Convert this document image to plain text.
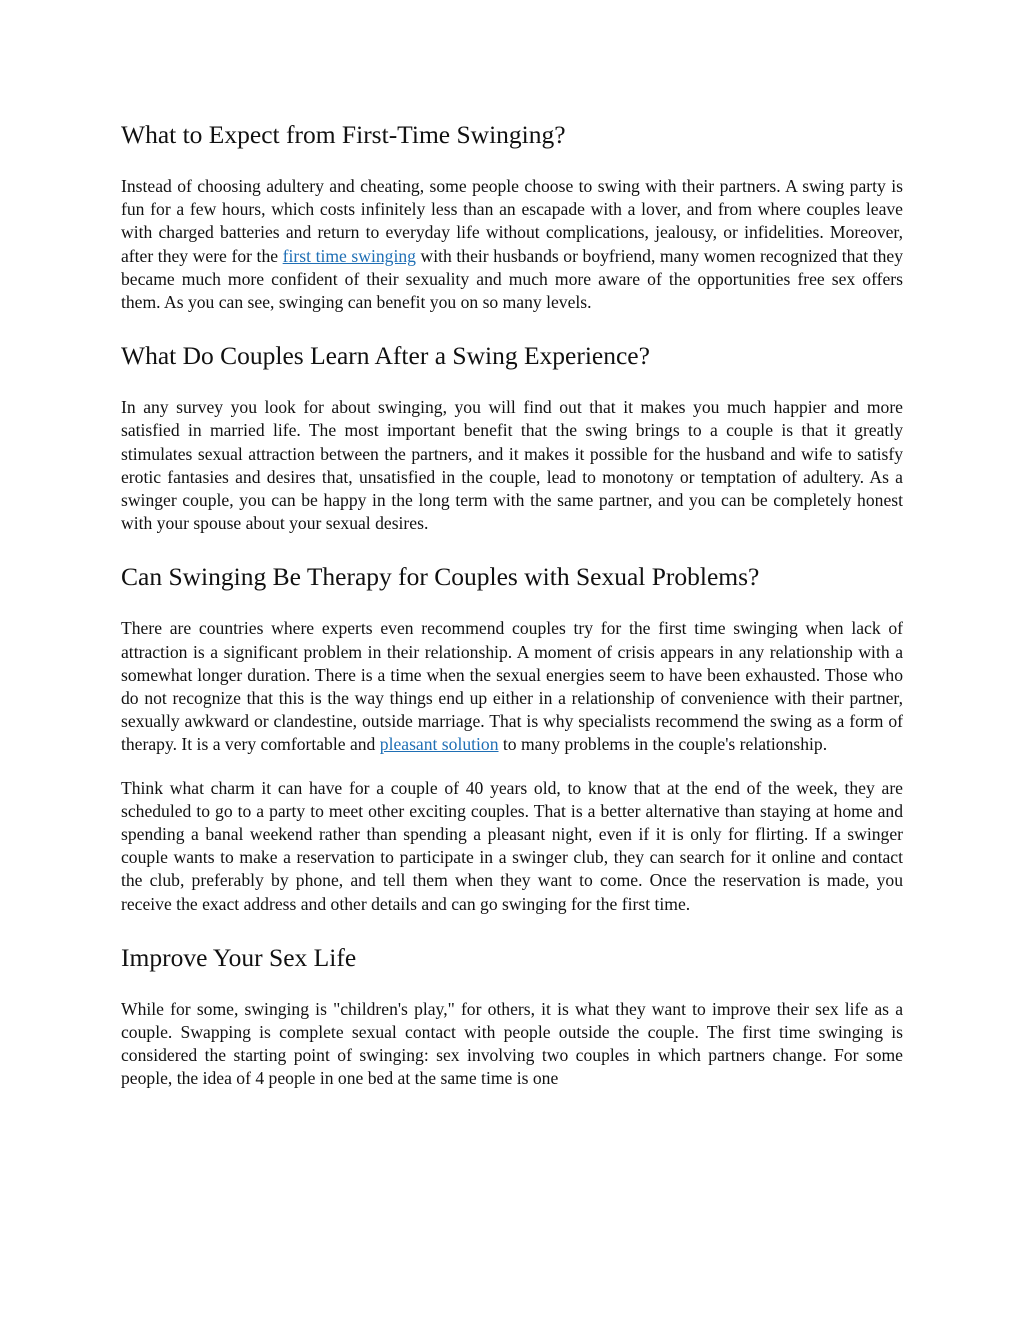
What to Expect from First-Time Swinging?

Instead of choosing adultery and cheating, some people choose to swing with their partners. A swing party is fun for a few hours, which costs infinitely less than an escapade with a lover, and from where couples leave with charged batteries and return to everyday life without complications, jealousy, or infidelities. Moreover, after they were for the first time swinging with their husbands or boyfriend, many women recognized that they became much more confident of their sexuality and much more aware of the opportunities free sex offers them. As you can see, swinging can benefit you on so many levels.

What Do Couples Learn After a Swing Experience?

In any survey you look for about swinging, you will find out that it makes you much happier and more satisfied in married life. The most important benefit that the swing brings to a couple is that it greatly stimulates sexual attraction between the partners, and it makes it possible for the husband and wife to satisfy erotic fantasies and desires that, unsatisfied in the couple, lead to monotony or temptation of adultery. As a swinger couple, you can be happy in the long term with the same partner, and you can be completely honest with your spouse about your sexual desires.

Can Swinging Be Therapy for Couples with Sexual Problems?

There are countries where experts even recommend couples try for the first time swinging when lack of attraction is a significant problem in their relationship. A moment of crisis appears in any relationship with a somewhat longer duration. There is a time when the sexual energies seem to have been exhausted. Those who do not recognize that this is the way things end up either in a relationship of convenience with their partner, sexually awkward or clandestine, outside marriage. That is why specialists recommend the swing as a form of therapy. It is a very comfortable and pleasant solution to many problems in the couple's relationship.

Think what charm it can have for a couple of 40 years old, to know that at the end of the week, they are scheduled to go to a party to meet other exciting couples. That is a better alternative than staying at home and spending a banal weekend rather than spending a pleasant night, even if it is only for flirting. If a swinger couple wants to make a reservation to participate in a swinger club, they can search for it online and contact the club, preferably by phone, and tell them when they want to come. Once the reservation is made, you receive the exact address and other details and can go swinging for the first time.

Improve Your Sex Life

While for some, swinging is "children's play," for others, it is what they want to improve their sex life as a couple. Swapping is complete sexual contact with people outside the couple. The first time swinging is considered the starting point of swinging: sex involving two couples in which partners change. For some people, the idea of 4 people in one bed at the same time is one
